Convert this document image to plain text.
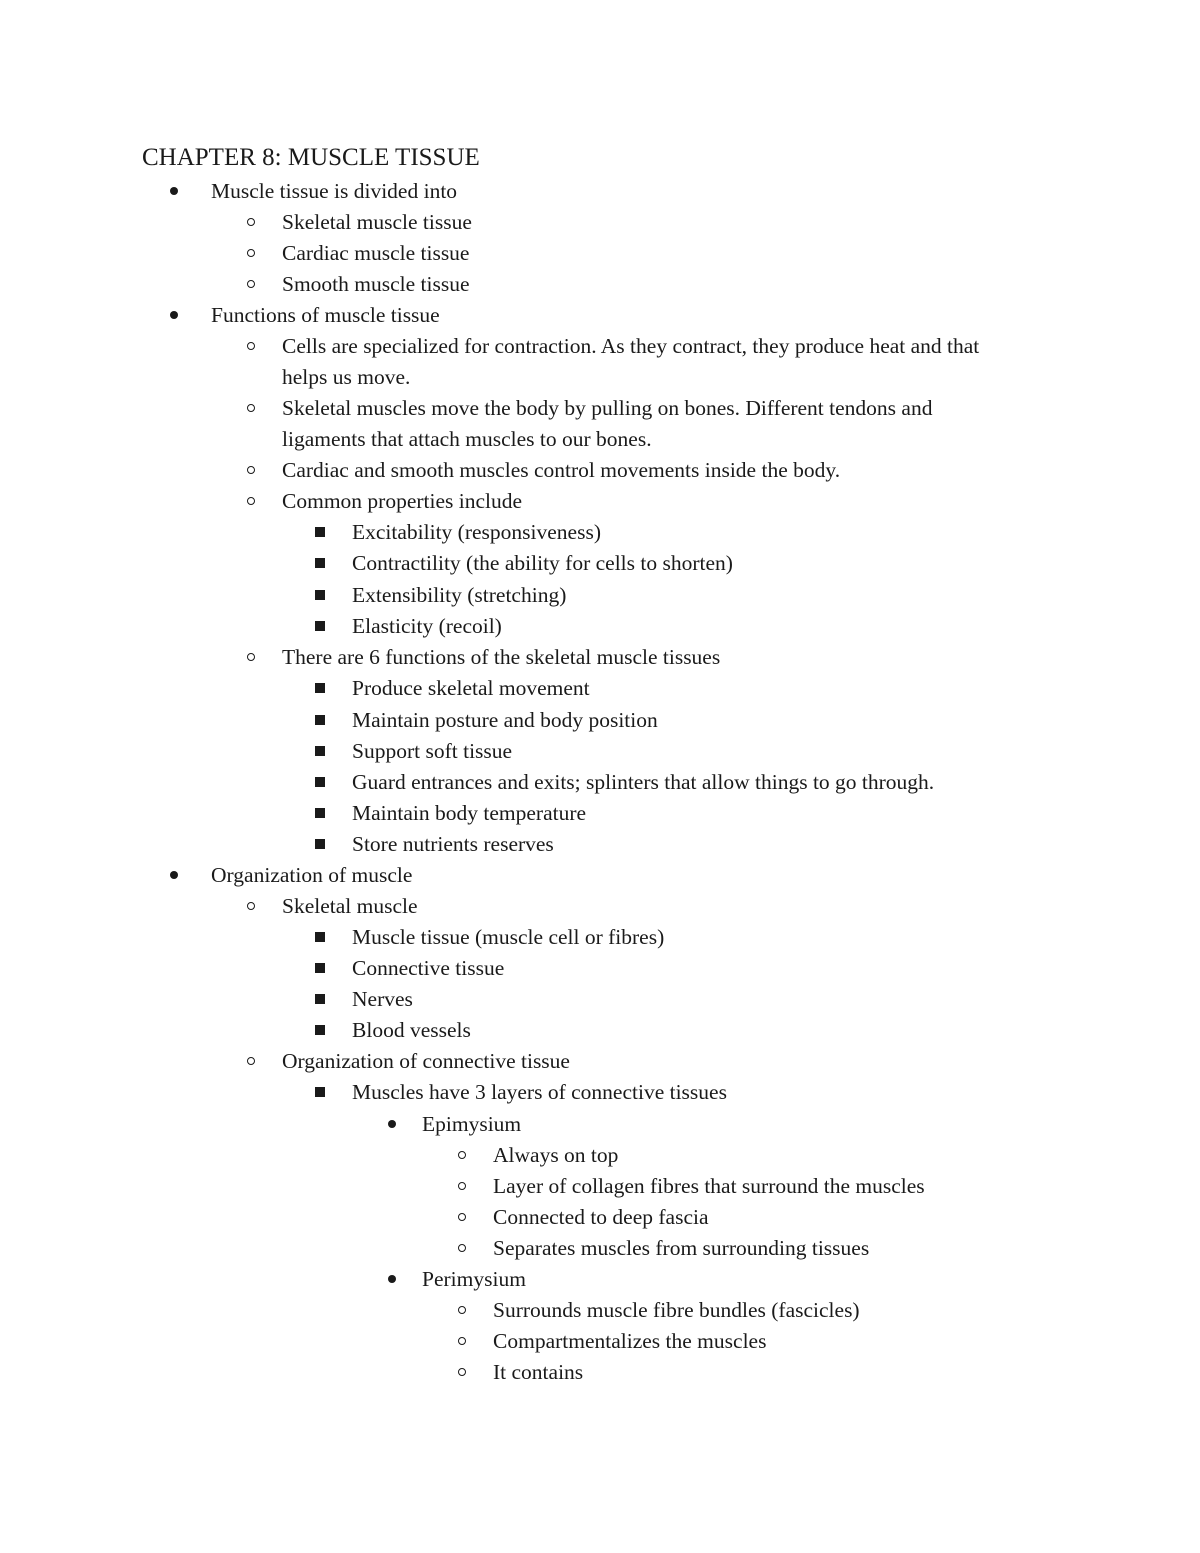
CHAPTER 8: MUSCLE TISSUE
Muscle tissue is divided into
Skeletal muscle tissue
Cardiac muscle tissue
Smooth muscle tissue
Functions of muscle tissue
Cells are specialized for contraction. As they contract, they produce heat and that
helps us move.
Skeletal muscles move the body by pulling on bones. Different tendons and
ligaments that attach muscles to our bones.
Cardiac and smooth muscles control movements inside the body.
Common properties include
Excitability (responsiveness)
Contractility (the ability for cells to shorten)
Extensibility (stretching)
Elasticity (recoil)
There are 6 functions of the skeletal muscle tissues
Produce skeletal movement
Maintain posture and body position
Support soft tissue
Guard entrances and exits; splinters that allow things to go through.
Maintain body temperature
Store nutrients reserves
Organization of muscle
Skeletal muscle
Muscle tissue (muscle cell or fibres)
Connective tissue
Nerves
Blood vessels
Organization of connective tissue
Muscles have 3 layers of connective tissues
Epimysium
Always on top
Layer of collagen fibres that surround the muscles
Connected to deep fascia
Separates muscles from surrounding tissues
Perimysium
Surrounds muscle fibre bundles (fascicles)
Compartmentalizes the muscles
It contains
